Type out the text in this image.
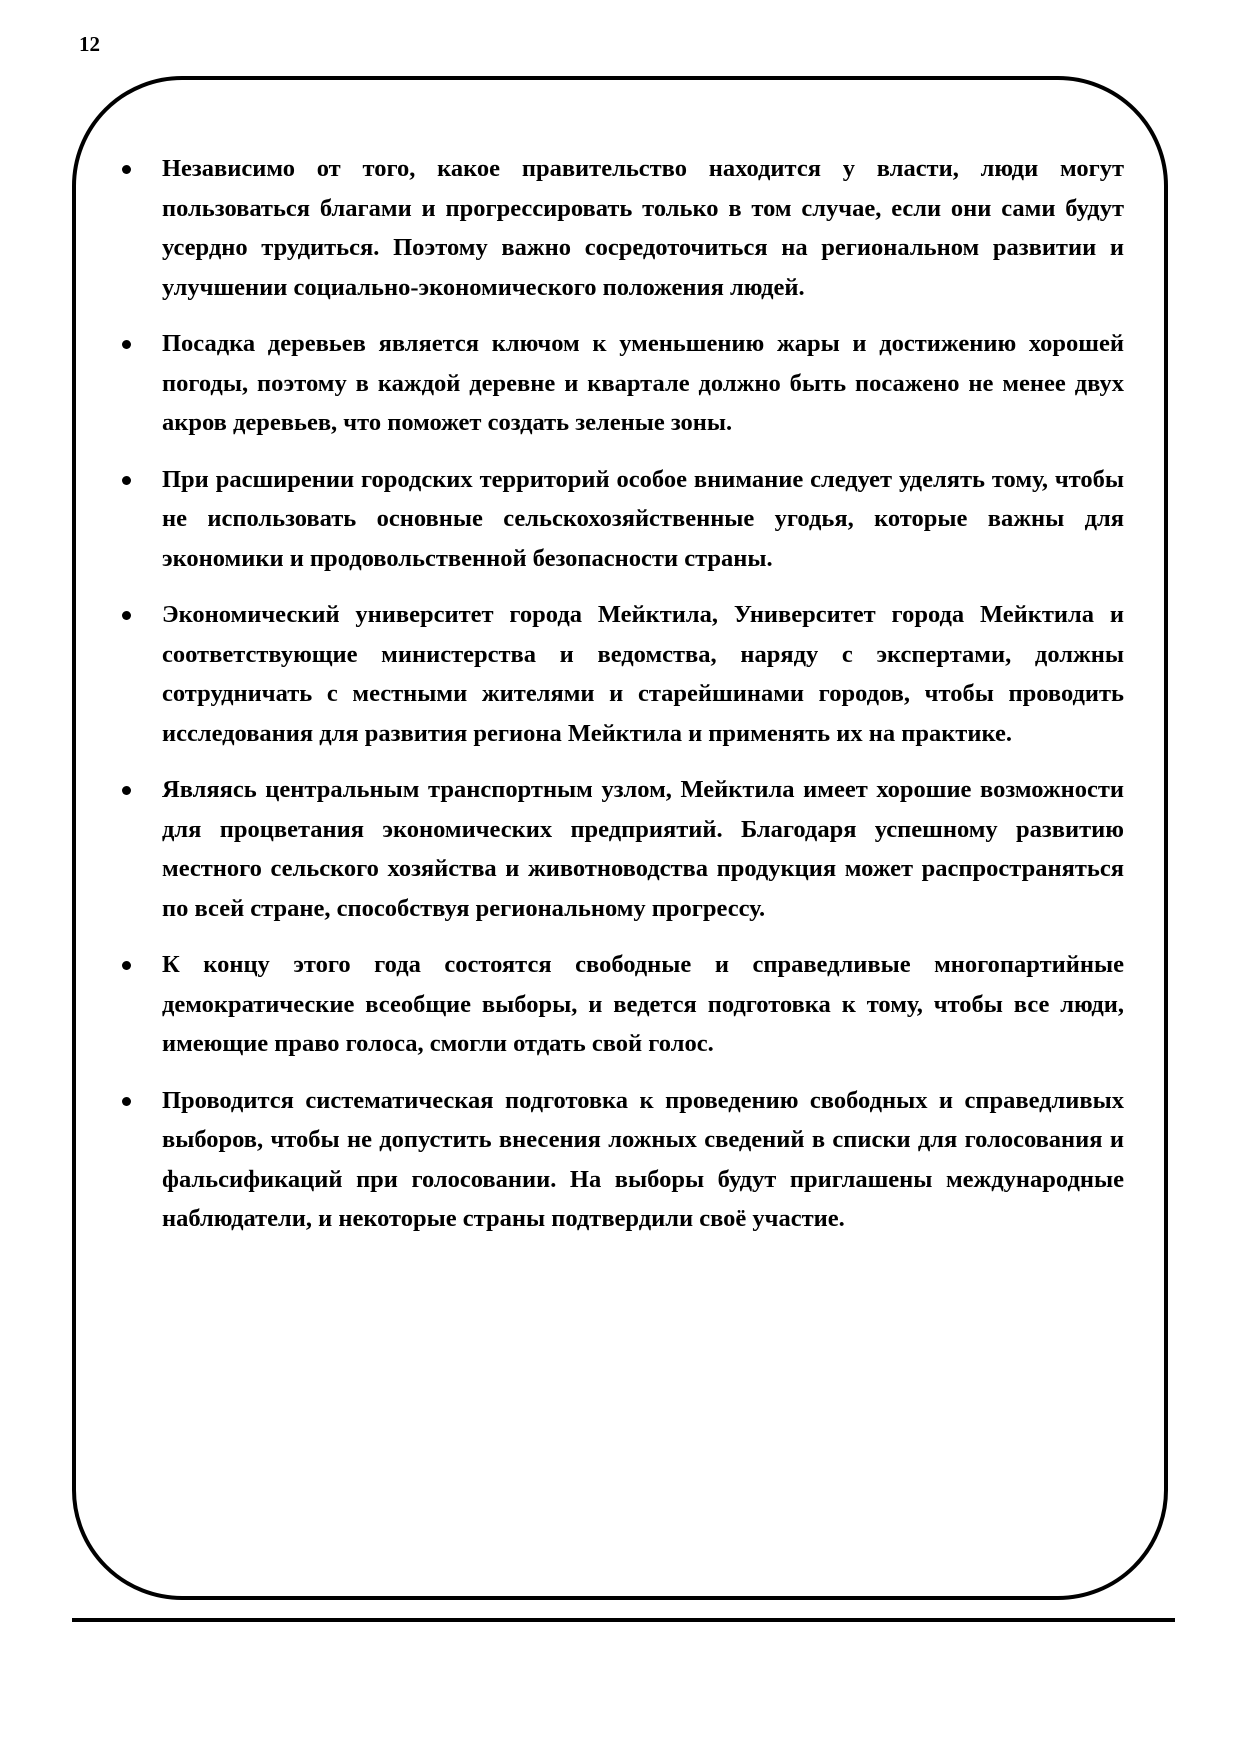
12
Независимо от того, какое правительство находится у власти, люди могут пользоваться благами и прогрессировать только в том случае, если они сами будут усердно трудиться. Поэтому важно сосредоточиться на региональном развитии и улучшении социально-экономического положения людей.
Посадка деревьев является ключом к уменьшению жары и достижению хорошей погоды, поэтому в каждой деревне и квартале должно быть посажено не менее двух акров деревьев, что поможет создать зеленые зоны.
При расширении городских территорий особое внимание следует уделять тому, чтобы не использовать основные сельскохозяйственные угодья, которые важны для экономики и продовольственной безопасности страны.
Экономический университет города Мейктила, Университет города Мейктила и соответствующие министерства и ведомства, наряду с экспертами, должны сотрудничать с местными жителями и старейшинами городов, чтобы проводить исследования для развития региона Мейктила и применять их на практике.
Являясь центральным транспортным узлом, Мейктила имеет хорошие возможности для процветания экономических предприятий. Благодаря успешному развитию местного сельского хозяйства и животноводства продукция может распространяться по всей стране, способствуя региональному прогрессу.
К концу этого года состоятся свободные и справедливые многопартийные демократические всеобщие выборы, и ведется подготовка к тому, чтобы все люди, имеющие право голоса, смогли отдать свой голос.
Проводится систематическая подготовка к проведению свободных и справедливых выборов, чтобы не допустить внесения ложных сведений в списки для голосования и фальсификаций при голосовании. На выборы будут приглашены международные наблюдатели, и некоторые страны подтвердили своё участие.
